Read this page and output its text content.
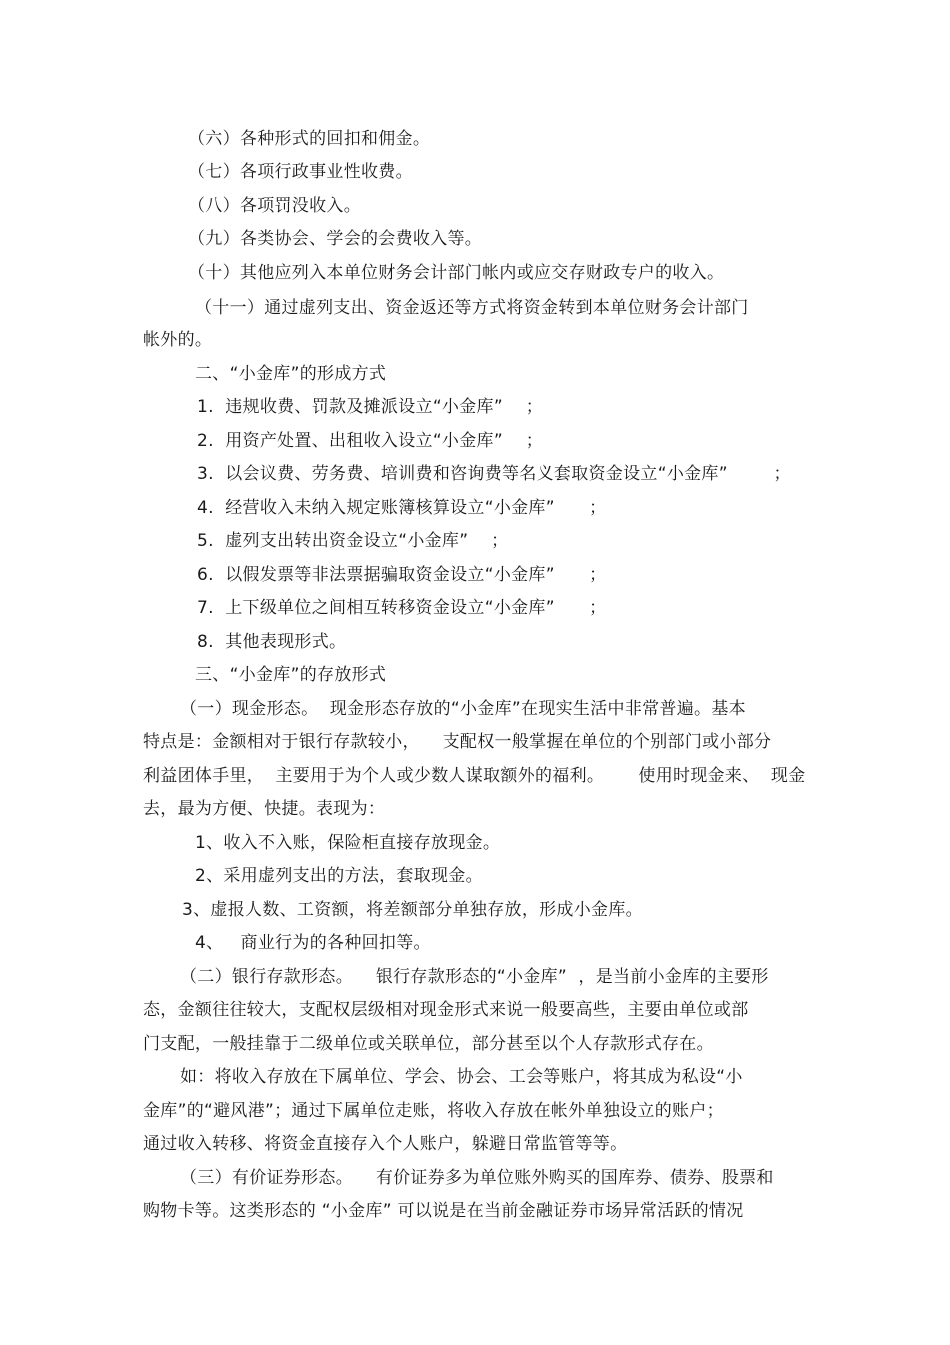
（六）各种形式的回扣和佣金。
（七）各项行政事业性收费。
（八）各项罚没收入。
（九）各类协会、学会的会费收入等。
（十）其他应列入本单位财务会计部门帐内或应交存财政专户的收入。
（十一）通过虚列支出、资金返还等方式将资金转到本单位财务会计部门
帐外的。
二、“小金库”的形成方式
1.  违规收费、罚款及摊派设立“小金库”    ；
2.  用资产处置、出租收入设立“小金库”    ；
3.  以会议费、劳务费、培训费和咨询费等名义套取资金设立“小金库”        ；
4.  经营收入未纳入规定账簿核算设立“小金库”      ；
5.  虚列支出转出资金设立“小金库”    ；
6.  以假发票等非法票据骗取资金设立“小金库”      ；
7.  上下级单位之间相互转移资金设立“小金库”      ；
8.  其他表现形式。
三、“小金库”的存放形式
（一）现金形态。  现金形态存放的“小金库”在现实生活中非常普遍。基本
特点是：金额相对于银行存款较小，    支配权一般掌握在单位的个别部门或小部分
利益团体手里，  主要用于为个人或少数人谋取额外的福利。      使用时现金来、  现金
去，最为方便、快捷。表现为：
1、收入不入账，保险柜直接存放现金。
2、采用虚列支出的方法，套取现金。
3、虚报人数、工资额，将差额部分单独存放，形成小金库。
4、   商业行为的各种回扣等。
（二）银行存款形态。    银行存款形态的“小金库”  ，是当前小金库的主要形
态，金额往往较大，支配权层级相对现金形式来说一般要高些，主要由单位或部
门支配，一般挂靠于二级单位或关联单位，部分甚至以个人存款形式存在。
如：将收入存放在下属单位、学会、协会、工会等账户，将其成为私设“小
金库”的“避风港”；通过下属单位走账，将收入存放在帐外单独设立的账户；
通过收入转移、将资金直接存入个人账户，躲避日常监管等等。
（三）有价证券形态。    有价证券多为单位账外购买的国库券、债券、股票和
购物卡等。这类形态的 “小金库” 可以说是在当前金融证券市场异常活跃的情况
